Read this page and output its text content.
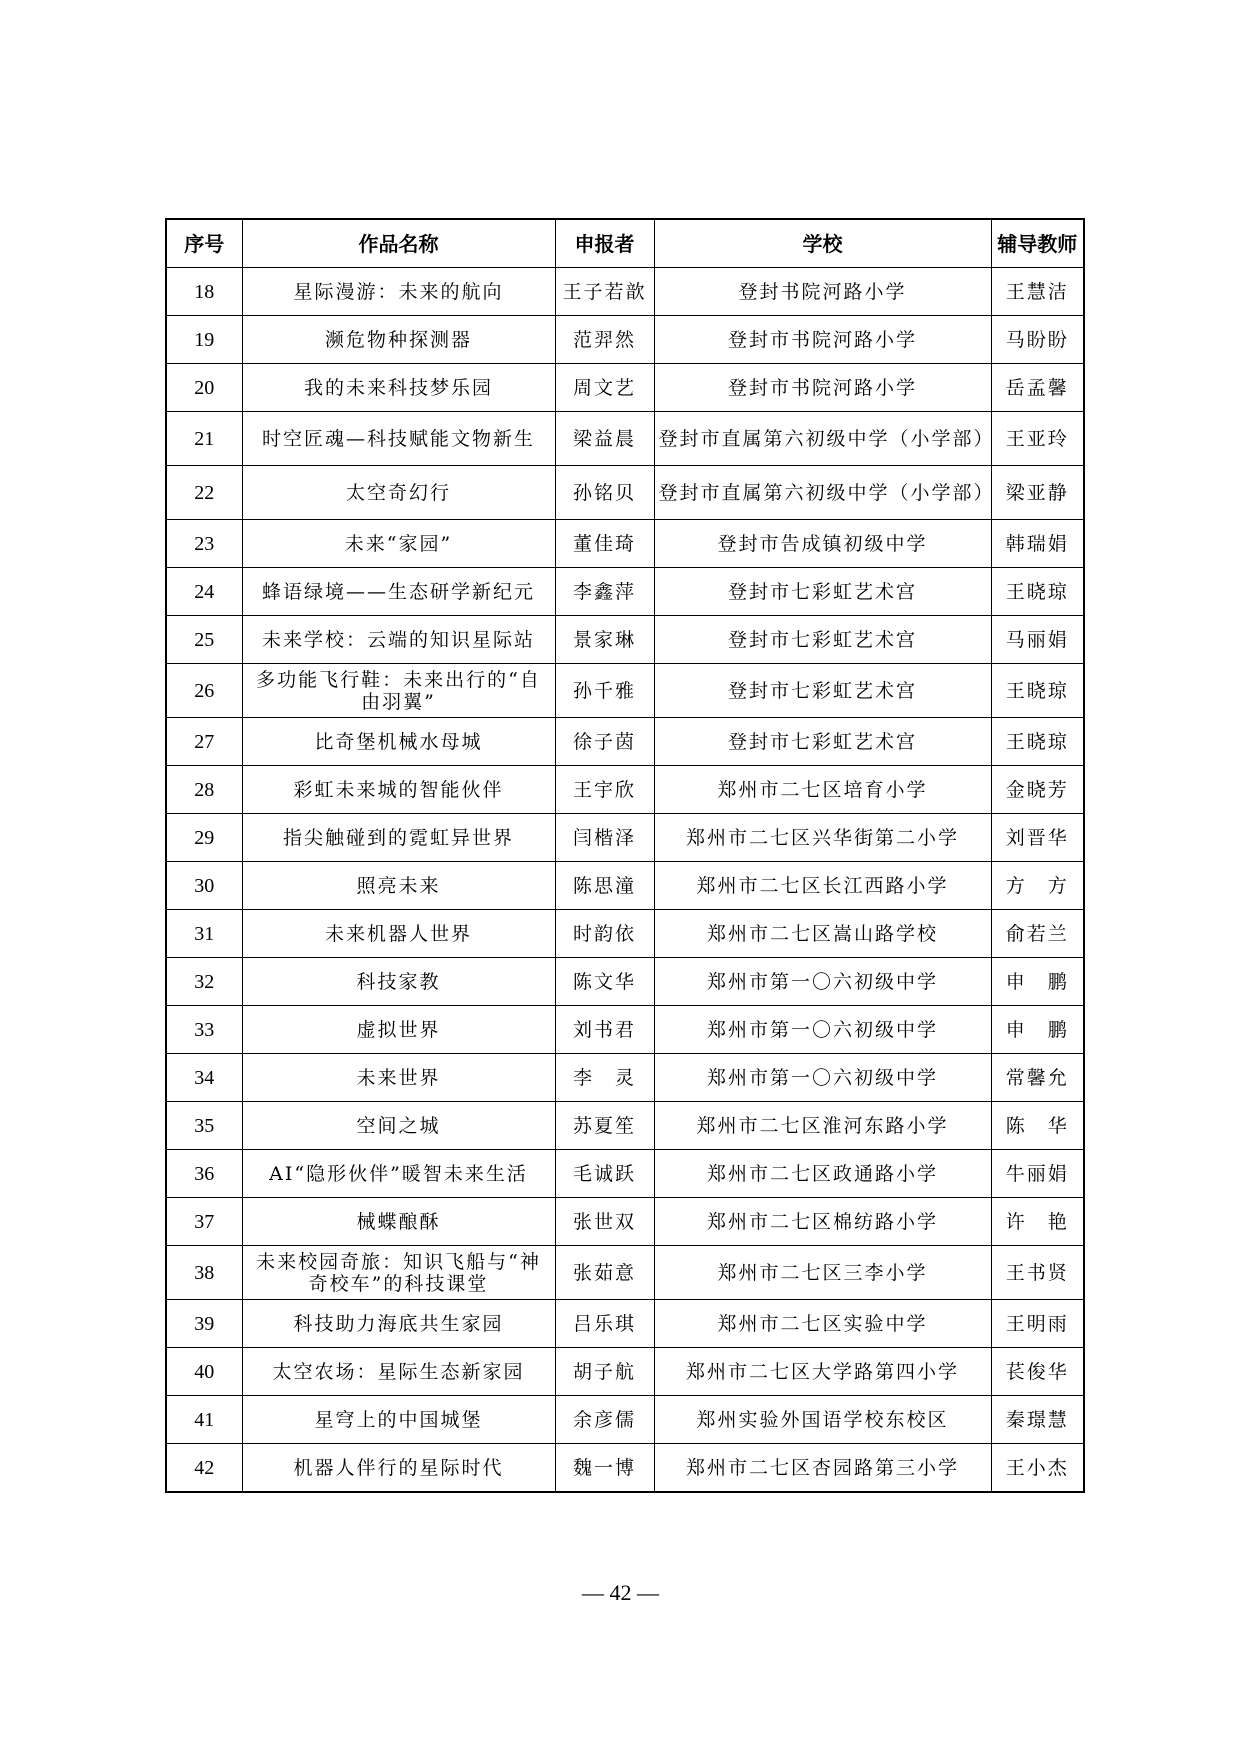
序号	作品名称	申报者	学校	辅导教师
18	星际漫游：未来的航向	王子若歆	登封书院河路小学	王慧洁
19	濒危物种探测器	范羿然	登封市书院河路小学	马盼盼
20	我的未来科技梦乐园	周文艺	登封市书院河路小学	岳孟馨
21	时空匠魂—科技赋能文物新生	梁益晨	登封市直属第六初级中学（小学部）	王亚玲
22	太空奇幻行	孙铭贝	登封市直属第六初级中学（小学部）	梁亚静
23	未来“家园”	董佳琦	登封市告成镇初级中学	韩瑞娟
24	蜂语绿境——生态研学新纪元	李鑫萍	登封市七彩虹艺术宫	王晓琼
25	未来学校：云端的知识星际站	景家琳	登封市七彩虹艺术宫	马丽娟
26	多功能飞行鞋：未来出行的“自由羽翼”	孙千雅	登封市七彩虹艺术宫	王晓琼
27	比奇堡机械水母城	徐子茵	登封市七彩虹艺术宫	王晓琼
28	彩虹未来城的智能伙伴	王宇欣	郑州市二七区培育小学	金晓芳
29	指尖触碰到的霓虹异世界	闫楷泽	郑州市二七区兴华街第二小学	刘晋华
30	照亮未来	陈思潼	郑州市二七区长江西路小学	方　方
31	未来机器人世界	时韵依	郑州市二七区嵩山路学校	俞若兰
32	科技家教	陈文华	郑州市第一〇六初级中学	申　鹏
33	虚拟世界	刘书君	郑州市第一〇六初级中学	申　鹏
34	未来世界	李　灵	郑州市第一〇六初级中学	常馨允
35	空间之城	苏夏笙	郑州市二七区淮河东路小学	陈　华
36	AI“隐形伙伴”暖智未来生活	毛诚跃	郑州市二七区政通路小学	牛丽娟
37	械蝶酿酥	张世双	郑州市二七区棉纺路小学	许　艳
38	未来校园奇旅：知识飞船与“神奇校车”的科技课堂	张茹意	郑州市二七区三李小学	王书贤
39	科技助力海底共生家园	吕乐琪	郑州市二七区实验中学	王明雨
40	太空农场：星际生态新家园	胡子航	郑州市二七区大学路第四小学	苌俊华
41	星穹上的中国城堡	余彦儒	郑州实验外国语学校东校区	秦璟慧
42	机器人伴行的星际时代	魏一博	郑州市二七区杏园路第三小学	王小杰
— 42 —
